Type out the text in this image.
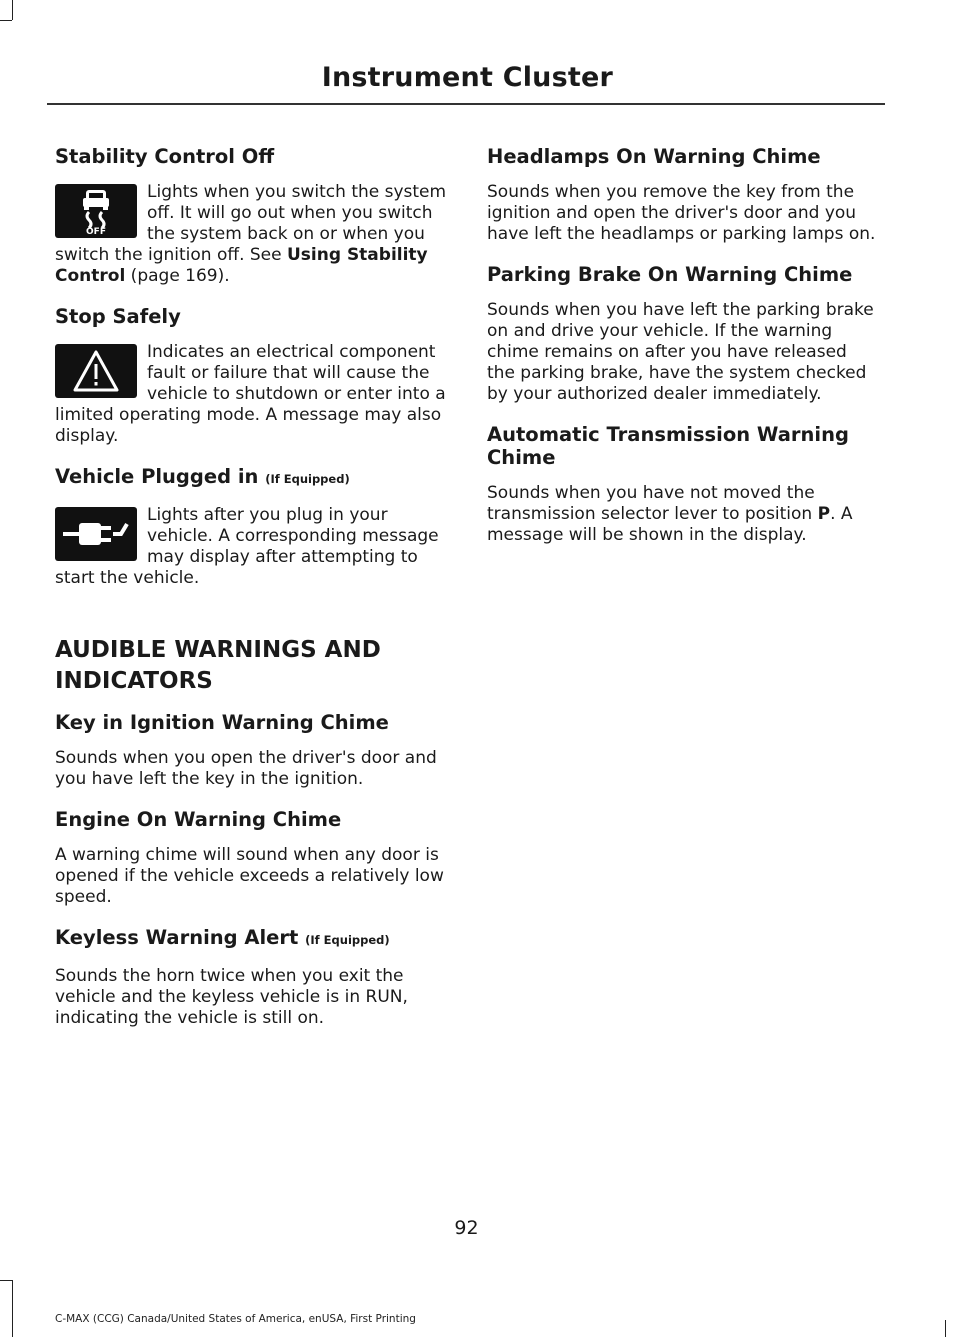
Instrument Cluster
Stability Control Off
OFF

Lights when you switch the system off. It will go out when you switch the system back on or when you switch the ignition off. See Using Stability Control (page 169).

Stop Safely

Indicates an electrical component fault or failure that will cause the vehicle to shutdown or enter into a limited operating mode. A message may also display.

Vehicle Plugged in (If Equipped)

Lights after you plug in your vehicle. A corresponding message may display after attempting to start the vehicle.

AUDIBLE WARNINGS AND INDICATORS
Key in Ignition Warning Chime

Sounds when you open the driver's door and you have left the key in the ignition.

Engine On Warning Chime

A warning chime will sound when any door is opened if the vehicle exceeds a relatively low speed.

Keyless Warning Alert (If Equipped)

Sounds the horn twice when you exit the vehicle and the keyless vehicle is in RUN, indicating the vehicle is still on.

Headlamps On Warning Chime

Sounds when you remove the key from the ignition and open the driver's door and you have left the headlamps or parking lamps on.

Parking Brake On Warning Chime

Sounds when you have left the parking brake on and drive your vehicle. If the warning chime remains on after you have released the parking brake, have the system checked by your authorized dealer immediately.

Automatic Transmission Warning Chime

Sounds when you have not moved the transmission selector lever to position P. A message will be shown in the display.

92
C-MAX (CCG) Canada/United States of America, enUSA, First Printing
